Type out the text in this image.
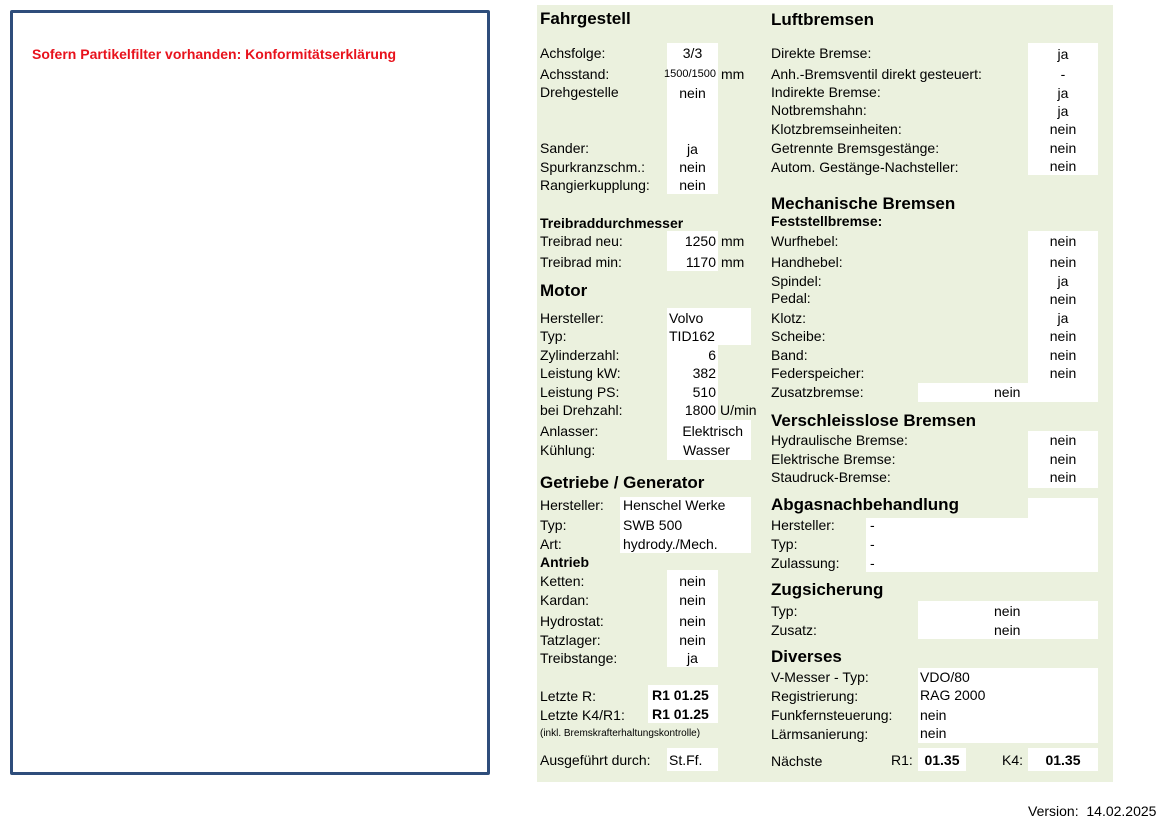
Sofern Partikelfilter vorhanden: Konformitätserklärung
Fahrgestell
Achsfolge:	3/3
Achsstand:	1500/1500 mm
Drehgestelle	nein
Sander:	ja
Spurkranzschm.:	nein
Rangierkupplung:	nein
Treibraddurchmesser
Treibrad neu:	1250 mm
Treibrad min:	1170 mm
Motor
Hersteller:	Volvo
Typ:	TID162
Zylinderzahl:	6
Leistung kW:	382
Leistung PS:	510
bei Drehzahl:	1800 U/min
Anlasser:	Elektrisch
Kühlung:	Wasser
Getriebe / Generator
Hersteller: Henschel Werke
Typ:	SWB 500
Art:	hydrody./Mech.
Antrieb
Ketten:	nein
Kardan:	nein
Hydrostat:	nein
Tatzlager:	nein
Treibstange:	ja
Letzte R:	R1 01.25
Letzte K4/R1: R1 01.25
(inkl. Bremskrafterhaltungskontrolle)
Ausgeführt durch: St.Ff.	Nächste	R1: 01.35	K4:	01.35
Luftbremsen
Direkte Bremse:	ja
Anh.-Bremsventil direkt gesteuert:	-
Indirekte Bremse:	ja
Notbremshahn:	ja
Klotzbremseinheiten:	nein
Getrennte Bremsgestänge:	nein
Autom. Gestänge-Nachsteller:	nein
Mechanische Bremsen
Feststellbremse:
Wurfhebel:	nein
Handhebel:	nein
Spindel:	ja
Pedal:	nein
Klotz:	ja
Scheibe:	nein
Band:	nein
Federspeicher:	nein
Zusatzbremse:	nein
Verschleisslose Bremsen
Hydraulische Bremse:	nein
Elektrische Bremse:	nein
Staudruck-Bremse:	nein
Abgasnachbehandlung
Hersteller:	-
Typ:	-
Zulassung: -
Zugsicherung
Typ:	nein
Zusatz:	nein
Diverses
V-Messer - Typ:	VDO/80
Registrierung:	RAG 2000
Funkfernsteuerung: nein
Lärmsanierung:	nein
Version: 14.02.2025
